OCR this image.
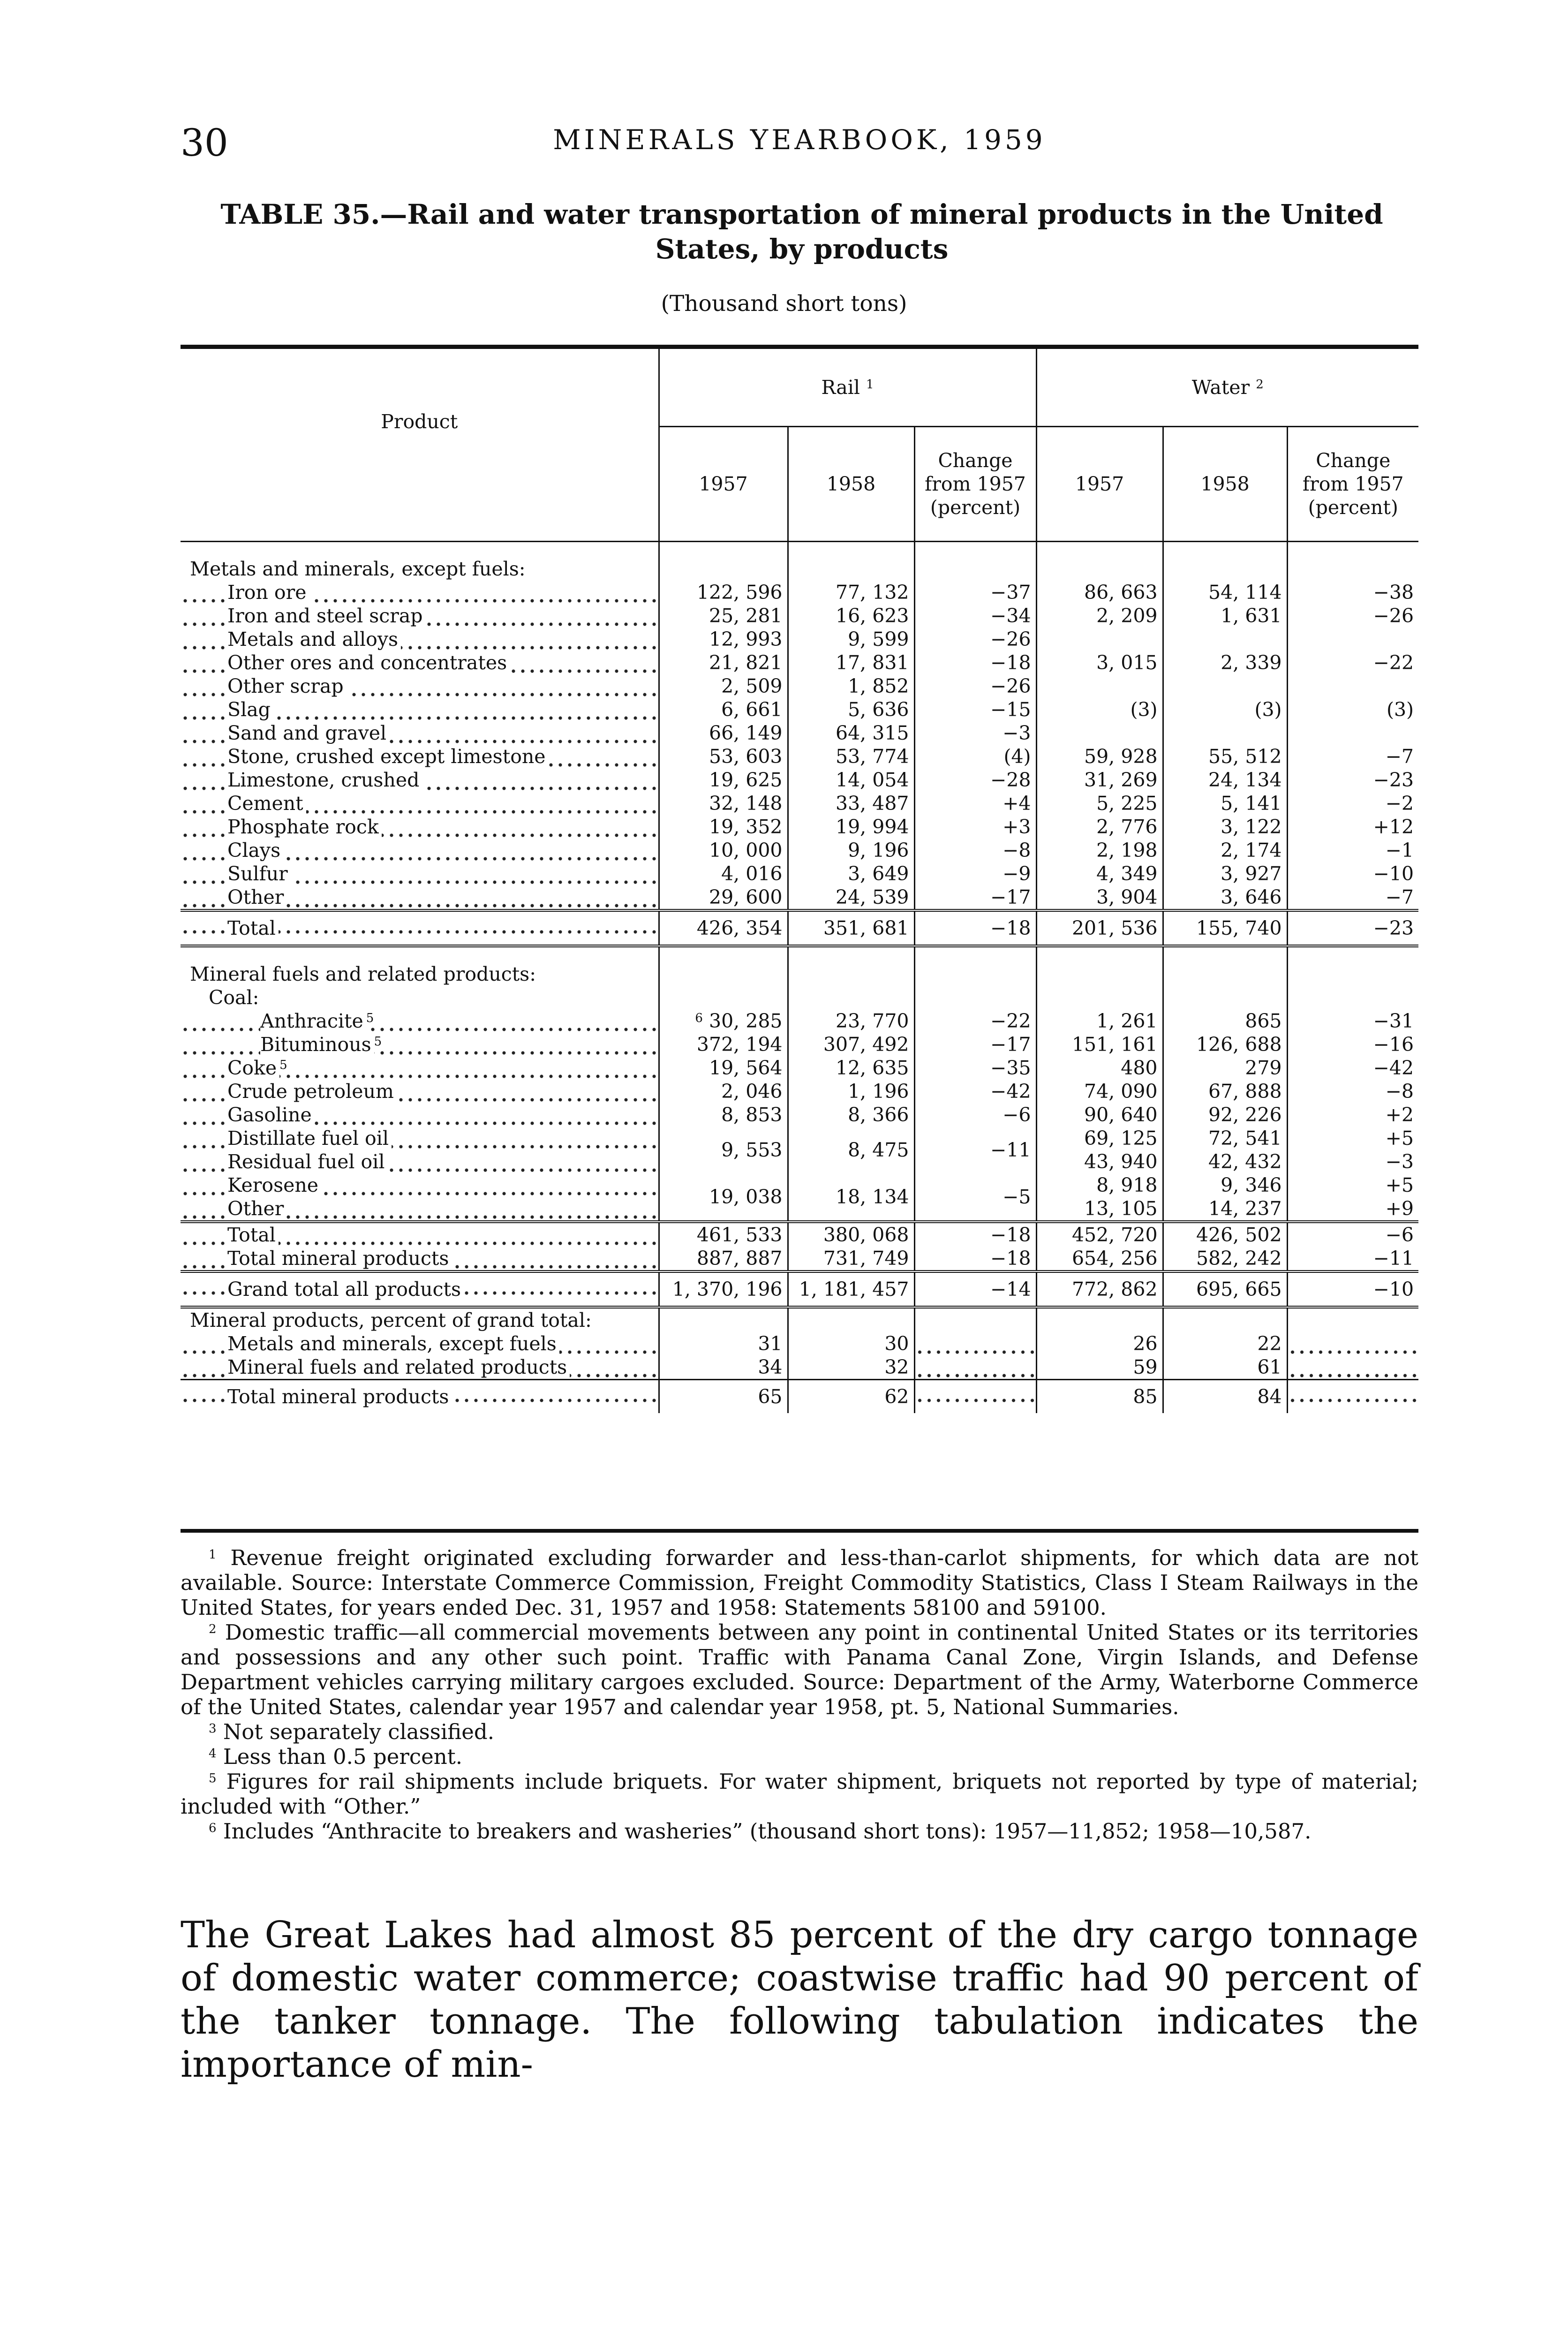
30	MINERALS YEARBOOK, 1959
TABLE 35.—Rail and water transportation of mineral products in the United
States, by products
(Thousand short tons)
Product	Rail $^1$			Water $^2$
	1957	1958	Change from 1957 (percent)	1957	1958	Change from 1957 (percent)
Metals and minerals, except fuels:						
Iron ore	122, 596	77, 132	−37	86, 663	54, 114	−38
Iron and steel scrap	25, 281	16, 623	−34	2, 209	1, 631	−26
Metals and alloys	12, 993	9, 599	−26			
Other ores and concentrates	21, 821	17, 831	−18	3, 015	2, 339	−22
Other scrap	2, 509	1, 852	−26			
Slag	6, 661	5, 636	−15	(3)	(3)	(3)
Sand and gravel	66, 149	64, 315	−3			
Stone, crushed except limestone	53, 603	53, 774	(4)	59, 928	55, 512	−7
Limestone, crushed	19, 625	14, 054	−28	31, 269	24, 134	−23
Cement	32, 148	33, 487	+4	5, 225	5, 141	−2
Phosphate rock	19, 352	19, 994	+3	2, 776	3, 122	+12
Clays	10, 000	9, 196	−8	2, 198	2, 174	−1
Sulfur	4, 016	3, 649	−9	4, 349	3, 927	−10
Other	29, 600	24, 539	−17	3, 904	3, 646	−7
Total	426, 354	351, 681	−18	201, 536	155, 740	−23
Mineral fuels and related products:						
Coal:						
Anthracite $^5$	$^6$ 30, 285	23, 770	−22	1, 261	865	−31
Bituminous $^5$	372, 194	307, 492	−17	151, 161	126, 688	−16
Coke $^5$	19, 564	12, 635	−35	480	279	−42
Crude petroleum	2, 046	1, 196	−42	74, 090	67, 888	−8
Gasoline	8, 853	8, 366	−6	90, 640	92, 226	+2
Distillate fuel oil	9, 553	8, 475	−11	69, 125	72, 541	+5
Residual fuel oil				43, 940	42, 432	−3
Kerosene	19, 038	18, 134	−5	8, 918	9, 346	+5
Other				13, 105	14, 237	+9
Total	461, 533	380, 068	−18	452, 720	426, 502	−6
Total mineral products	887, 887	731, 749	−18	654, 256	582, 242	−11
Grand total all products	1, 370, 196	1, 181, 457	−14	772, 862	695, 665	−10
Mineral products, percent of grand total:						
Metals and minerals, except fuels	31	30		26	22	
Mineral fuels and related products	34	32		59	61	
Total mineral products	65	62		85	84	

$^1$ Revenue freight originated excluding forwarder and less-than-carlot shipments, for which data are not available. Source: Interstate Commerce Commission, Freight Commodity Statistics, Class I Steam Railways in the United States, for years ended Dec. 31, 1957 and 1958: Statements 58100 and 59100.

$^2$ Domestic traffic—all commercial movements between any point in continental United States or its territories and possessions and any other such point. Traffic with Panama Canal Zone, Virgin Islands, and Defense Department vehicles carrying military cargoes excluded. Source: Department of the Army, Waterborne Commerce of the United States, calendar year 1957 and calendar year 1958, pt. 5, National Summaries.

$^3$ Not separately classified.

$^4$ Less than 0.5 percent.

$^5$ Figures for rail shipments include briquets. For water shipment, briquets not reported by type of material; included with “Other.”

$^6$ Includes “Anthracite to breakers and washeries” (thousand short tons): 1957—11,852; 1958—10,587.

The Great Lakes had almost 85 percent of the dry cargo tonnage of domestic water commerce; coastwise traffic had 90 percent of the tanker tonnage. The following tabulation indicates the importance of min-
